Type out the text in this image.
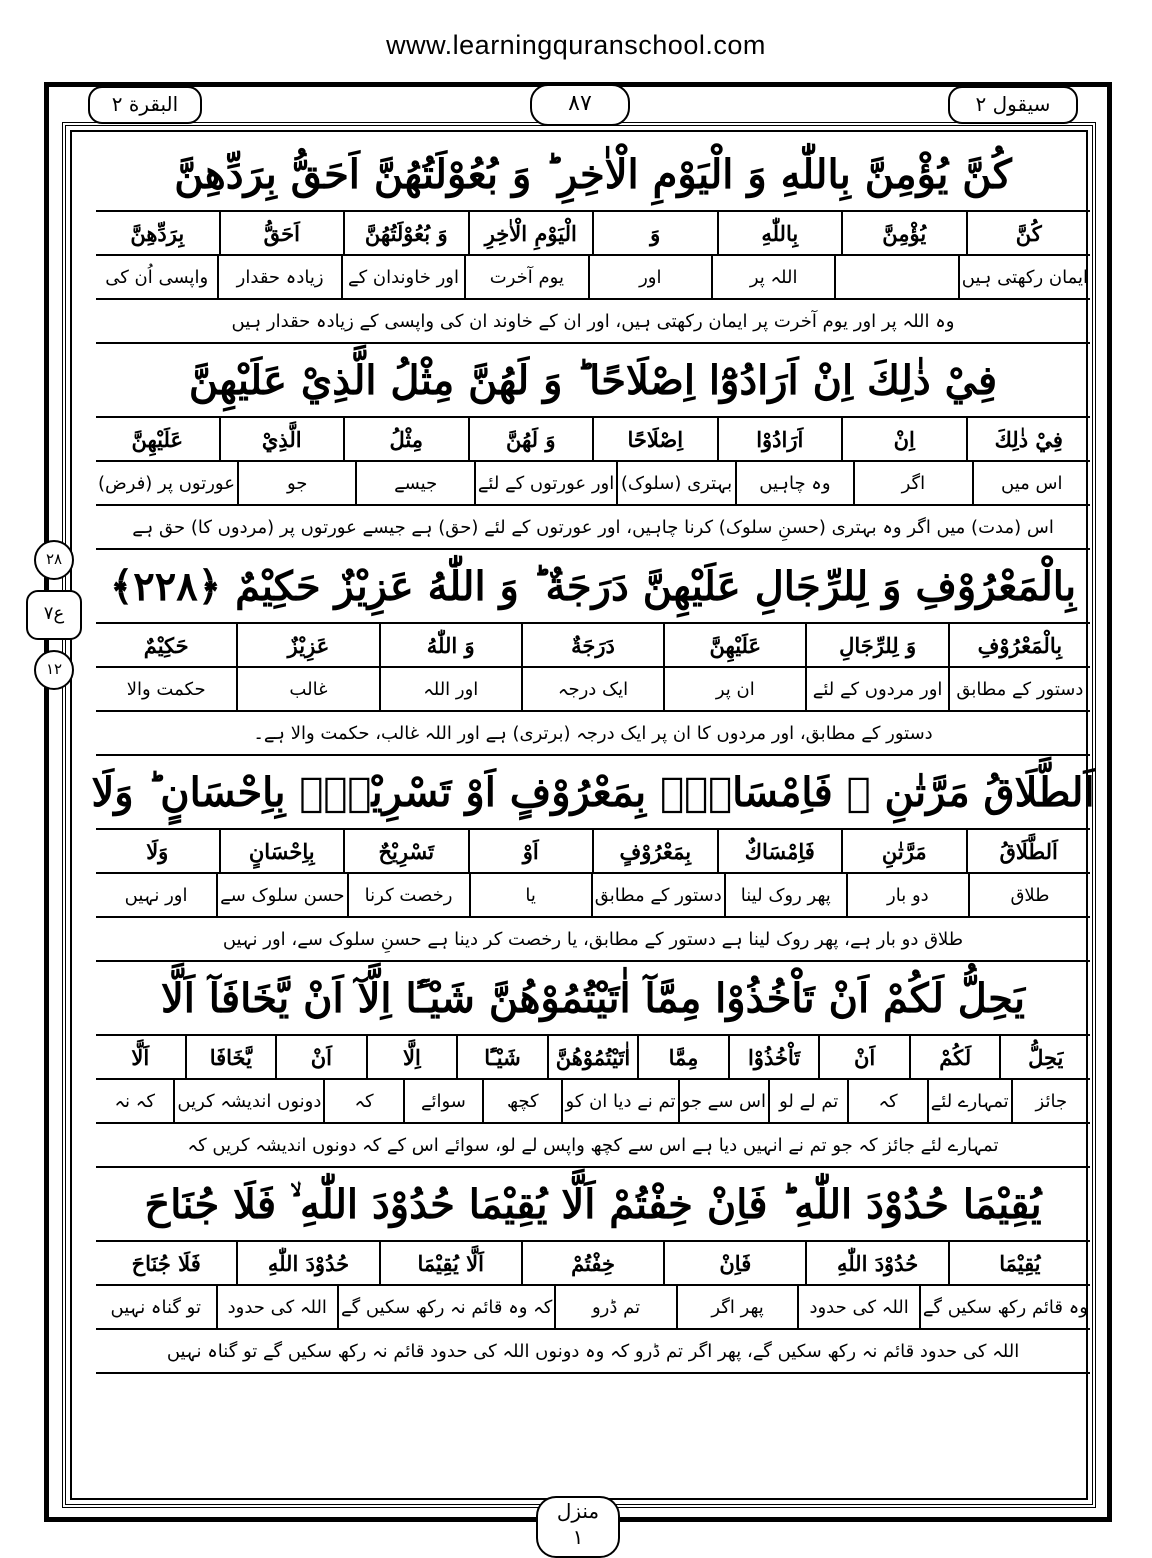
www.learningquranschool.com
البقرة ٢	٨٧	سیقول ٢
٢٨
ع٧
١٢
كُنَّ يُؤْمِنَّ بِاللّٰهِ وَ الْيَوْمِ الْاٰخِرِ ؕ وَ بُعُوْلَتُهُنَّ اَحَقُّ بِرَدِّهِنَّ
كُنَّ
يُؤْمِنَّ
بِاللّٰهِ
وَ
الْيَوْمِ الْاٰخِرِ
وَ بُعُوْلَتُهُنَّ
اَحَقُّ
بِرَدِّهِنَّ
ایمان رکھتی ہیں
اللہ پر
اور
یوم آخرت
اور خاوندان کے
زیادہ حقدار
واپسی اُن کی
وہ اللہ پر اور یوم آخرت پر ایمان رکھتی ہیں، اور ان کے خاوند ان کی واپسی کے زیادہ حقدار ہیں
فِيْ ذٰلِكَ اِنْ اَرَادُوْٓا اِصْلَاحًا ؕ وَ لَهُنَّ مِثْلُ الَّذِيْ عَلَيْهِنَّ
فِيْ ذٰلِكَ
اِنْ
اَرَادُوْا
اِصْلَاحًا
وَ لَهُنَّ
مِثْلُ
الَّذِيْ
عَلَيْهِنَّ
اس میں
اگر
وہ چاہیں
بہتری (سلوک)
اور عورتوں کے لئے
جیسے
جو
عورتوں پر (فرض)
اس (مدت) میں اگر وہ بہتری (حسنِ سلوک) کرنا چاہیں، اور عورتوں کے لئے (حق) ہے جیسے عورتوں پر (مردوں کا) حق ہے
بِالْمَعْرُوْفِ وَ لِلرِّجَالِ عَلَيْهِنَّ دَرَجَةٌ ؕ وَ اللّٰهُ عَزِيْزٌ حَكِيْمٌ ﴿۲۲۸﴾
بِالْمَعْرُوْفِ
وَ لِلرِّجَالِ
عَلَيْهِنَّ
دَرَجَةٌ
وَ اللّٰهُ
عَزِيْزٌ
حَكِيْمٌ
دستور کے مطابق
اور مردوں کے لئے
ان پر
ایک درجہ
اور اللہ
غالب
حکمت والا
دستور کے مطابق، اور مردوں کا ان پر ایک درجہ (برتری) ہے اور اللہ غالب، حکمت والا ہے۔
اَلطَّلَاقُ مَرَّتٰنِ ۪ فَاِمْسَاكٌۢ بِمَعْرُوْفٍ اَوْ تَسْرِيْحٌۢ بِاِحْسَانٍ ؕ وَلَا
اَلطَّلَاقُ
مَرَّتٰنِ
فَاِمْسَاكٌ
بِمَعْرُوْفٍ
اَوْ
تَسْرِيْحٌ
بِاِحْسَانٍ
وَلَا
طلاق
دو بار
پھر روک لینا
دستور کے مطابق
یا
رخصت کرنا
حسن سلوک سے
اور نہیں
طلاق دو بار ہے، پھر روک لینا ہے دستور کے مطابق، یا رخصت کر دینا ہے حسنِ سلوک سے، اور نہیں
يَحِلُّ لَكُمْ اَنْ تَاْخُذُوْا مِمَّآ اٰتَيْتُمُوْهُنَّ شَيْـًٔا اِلَّآ اَنْ يَّخَافَآ اَلَّا
يَحِلُّ
لَكُمْ
اَنْ
تَاْخُذُوْا
مِمَّا
اٰتَيْتُمُوْهُنَّ
شَيْـًٔا
اِلَّا
اَنْ
يَّخَافَا
اَلَّا
جائز
تمہارے لئے
کہ
تم لے لو
اس سے جو
تم نے دیا ان کو
کچھ
سوائے
کہ
دونوں اندیشہ کریں
کہ نہ
تمہارے لئے جائز کہ جو تم نے انہیں دیا ہے اس سے کچھ واپس لے لو، سوائے اس کے کہ دونوں اندیشہ کریں کہ
يُقِيْمَا حُدُوْدَ اللّٰهِ ؕ فَاِنْ خِفْتُمْ اَلَّا يُقِيْمَا حُدُوْدَ اللّٰهِ ۙ فَلَا جُنَاحَ
يُقِيْمَا
حُدُوْدَ اللّٰهِ
فَاِنْ
خِفْتُمْ
اَلَّا يُقِيْمَا
حُدُوْدَ اللّٰهِ
فَلَا جُنَاحَ
وہ قائم رکھ سکیں گے
اللہ کی حدود
پھر اگر
تم ڈرو
کہ وہ قائم نہ رکھ سکیں گے
اللہ کی حدود
تو گناہ نہیں
اللہ کی حدود قائم نہ رکھ سکیں گے، پھر اگر تم ڈرو کہ وہ دونوں اللہ کی حدود قائم نہ رکھ سکیں گے تو گناہ نہیں
منزل
١
